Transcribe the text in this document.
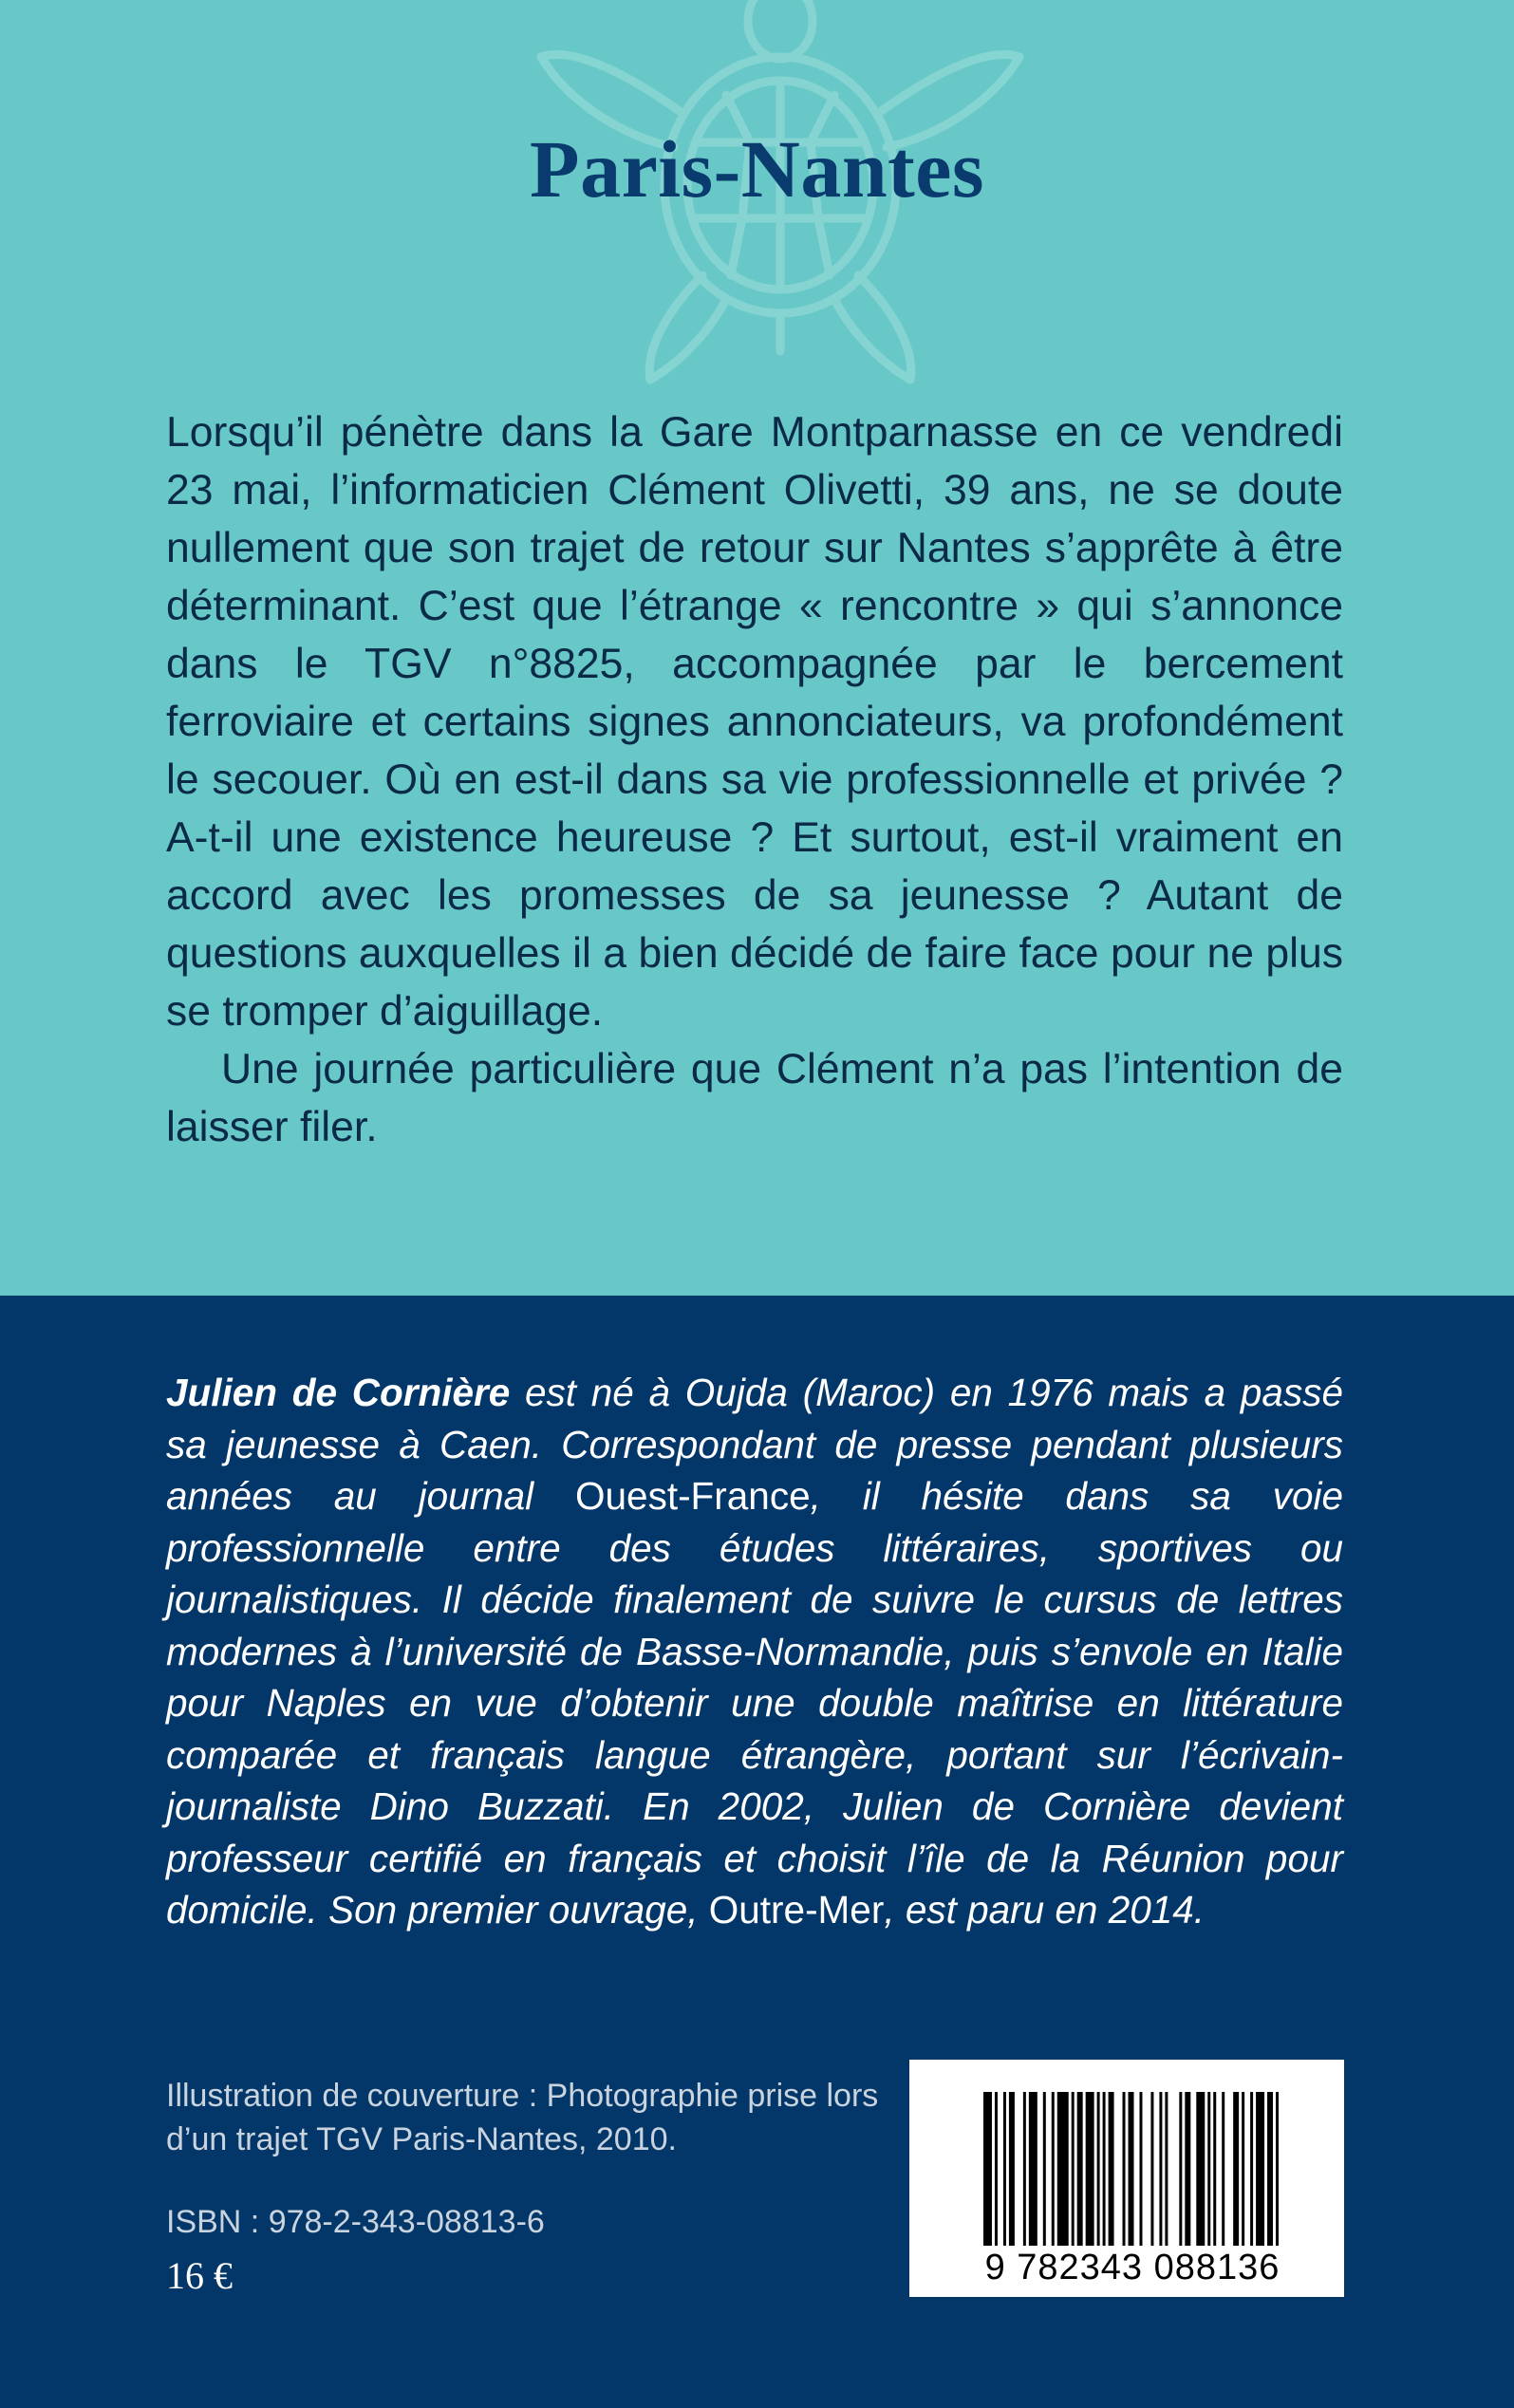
Paris-Nantes

Lorsqu’il pénètre dans la Gare Montparnasse en ce vendredi 23 mai, l’informaticien Clément Olivetti, 39 ans, ne se doute nullement que son trajet de retour sur Nantes s’apprête à être déterminant. C’est que l’étrange « rencontre » qui s’annonce dans le TGV n°8825, accompagnée par le bercement ferroviaire et certains signes annonciateurs, va profondément le secouer. Où en est-il dans sa vie professionnelle et privée ? A-t-il une existence heureuse ? Et surtout, est-il vraiment en accord avec les promesses de sa jeunesse ? Autant de questions auxquelles il a bien décidé de faire face pour ne plus se tromper d’aiguillage.

Une journée particulière que Clément n’a pas l’intention de laisser filer.

Julien de Cornière est né à Oujda (Maroc) en 1976 mais a passé sa jeunesse à Caen. Correspondant de presse pendant plusieurs années au journal Ouest-France, il hésite dans sa voie professionnelle entre des études littéraires, sportives ou journalistiques. Il décide finalement de suivre le cursus de lettres modernes à l’université de Basse-Normandie, puis s’envole en Italie pour Naples en vue d’obtenir une double maîtrise en littérature comparée et français langue étrangère, portant sur l’écrivain-journaliste Dino Buzzati. En 2002, Julien de Cornière devient professeur certifié en français et choisit l’île de la Réunion pour domicile. Son premier ouvrage, Outre-Mer, est paru en 2014.
Illustration de couverture : Photographie prise lors d’un trajet TGV Paris-Nantes, 2010.
ISBN : 978-2-343-08813-6
16 €	9 782343 088136
